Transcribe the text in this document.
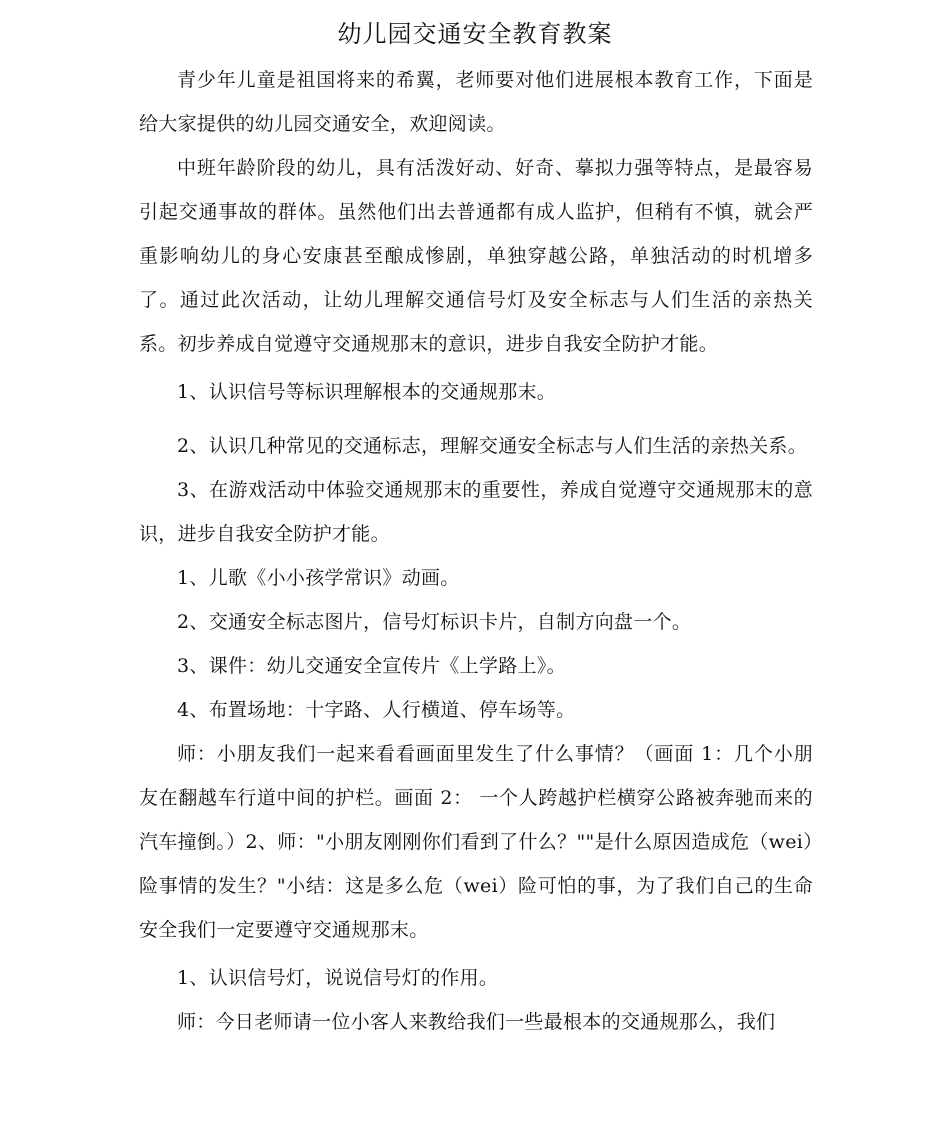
幼儿园交通安全教育教案

青少年儿童是祖国将来的希翼，老师要对他们进展根本教育工作，下面是给大家提供的幼儿园交通安全，欢迎阅读。

中班年龄阶段的幼儿，具有活泼好动、好奇、摹拟力强等特点，是最容易引起交通事故的群体。虽然他们出去普通都有成人监护，但稍有不慎，就会严重影响幼儿的身心安康甚至酿成惨剧，单独穿越公路，单独活动的时机增多了。通过此次活动，让幼儿理解交通信号灯及安全标志与人们生活的亲热关系。初步养成自觉遵守交通规那末的意识，进步自我安全防护才能。

1、认识信号等标识理解根本的交通规那末。

2、认识几种常见的交通标志，理解交通安全标志与人们生活的亲热关系。

3、在游戏活动中体验交通规那末的重要性，养成自觉遵守交通规那末的意识，进步自我安全防护才能。

1、儿歌《小小孩学常识》动画。

2、交通安全标志图片，信号灯标识卡片，自制方向盘一个。

3、课件：幼儿交通安全宣传片《上学路上》。

4、布置场地：十字路、人行横道、停车场等。

师：小朋友我们一起来看看画面里发生了什么事情？（画面 1：几个小朋友在翻越车行道中间的护栏。画面 2： 一个人跨越护栏横穿公路被奔驰而来的汽车撞倒。）2、师："小朋友刚刚你们看到了什么？""是什么原因造成危（wei）险事情的发生？"小结：这是多么危（wei）险可怕的事，为了我们自己的生命安全我们一定要遵守交通规那末。

1、认识信号灯，说说信号灯的作用。

师：今日老师请一位小客人来教给我们一些最根本的交通规那么，我们
